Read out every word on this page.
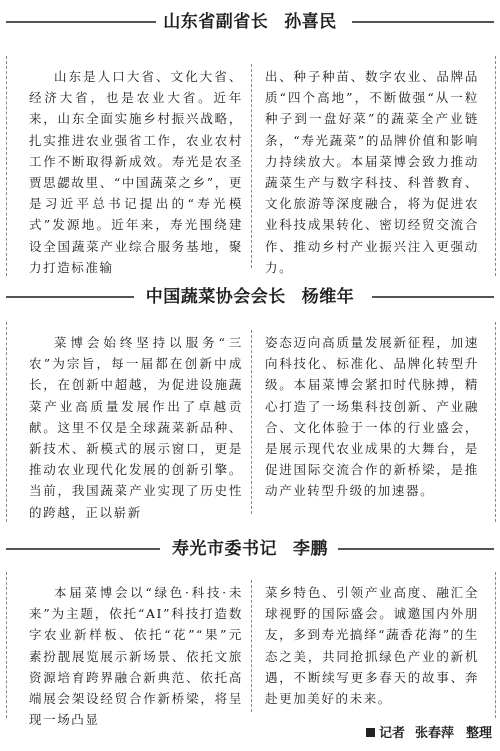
山东省副省长 孙喜民
山东是人口大省、文化大省、经济大省，也是农业大省。近年来，山东全面实施乡村振兴战略，扎实推进农业强省工作，农业农村工作不断取得新成效。寿光是农圣贾思勰故里、“中国蔬菜之乡”，更是习近平总书记提出的“寿光模式”发源地。近年来，寿光围绕建设全国蔬菜产业综合服务基地，聚力打造标准输
出、种子种苗、数字农业、品牌品质“四个高地”，不断做强“从一粒种子到一盘好菜”的蔬菜全产业链条，“寿光蔬菜”的品牌价值和影响力持续放大。本届菜博会致力推动蔬菜生产与数字科技、科普教育、文化旅游等深度融合，将为促进农业科技成果转化、密切经贸交流合作、推动乡村产业振兴注入更强动力。
中国蔬菜协会会长 杨维年
菜博会始终坚持以服务“三农”为宗旨，每一届都在创新中成长，在创新中超越，为促进设施蔬菜产业高质量发展作出了卓越贡献。这里不仅是全球蔬菜新品种、新技术、新模式的展示窗口，更是推动农业现代化发展的创新引擎。当前，我国蔬菜产业实现了历史性的跨越，正以崭新
姿态迈向高质量发展新征程，加速向科技化、标准化、品牌化转型升级。本届菜博会紧扣时代脉搏，精心打造了一场集科技创新、产业融合、文化体验于一体的行业盛会，是展示现代农业成果的大舞台，是促进国际交流合作的新桥梁，是推动产业转型升级的加速器。
寿光市委书记 李鹏
本届菜博会以“绿色·科技·未来”为主题，依托“AI”科技打造数字农业新样板、依托“花”“果”元素扮靓展览展示新场景、依托文旅资源培育跨界融合新典范、依托高端展会架设经贸合作新桥梁，将呈现一场凸显
菜乡特色、引领产业高度、融汇全球视野的国际盛会。诚邀国内外朋友，多到寿光搞绎“蔬香花海”的生态之美，共同抢抓绿色产业的新机遇，不断续写更多春天的故事、奔赴更加美好的未来。
记者 张春萍 整理
